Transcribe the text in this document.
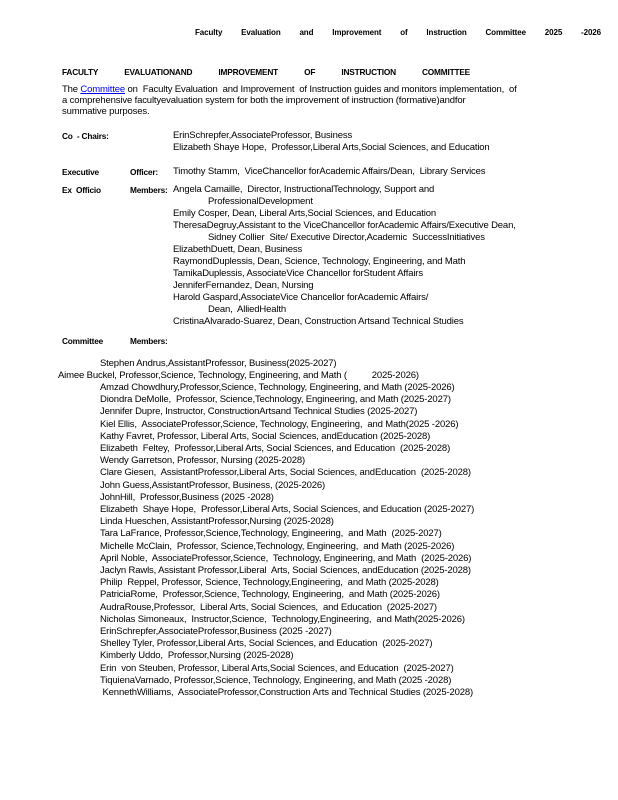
Faculty Evaluation and Improvement of Instruction Committee 2025 -2026
FACULTY EVALUATIONAND IMPROVEMENT OF INSTRUCTION COMMITTEE
The Committee on  Faculty Evaluation  and Improvement  of Instruction guides and monitors implementation,  of
a comprehensive facultyevaluation system for both the improvement of instruction (formative)andfor
summative purposes.
Co  - Chairs:	ErinSchrepfer,AssociateProfessor, Business
Elizabeth Shaye Hope,  Professor,Liberal Arts,Social Sciences, and Education
Executive	Officer:	Timothy Stamm,  ViceChancellor forAcademic Affairs/Dean,  Library Services
Ex  Officio	Members: Angela Camaille,  Director, InstructionalTechnology, Support and
ProfessionalDevelopment
Emily Cosper, Dean, Liberal Arts,Social Sciences, and Education
TheresaDegruy,Assistant to the ViceChancellor forAcademic Affairs/Executive Dean,
Sidney Collier  Site/ Executive Director,Academic  SuccessInitiatives
ElizabethDuett, Dean, Business
RaymondDuplessis, Dean, Science, Technology, Engineering, and Math
TamikaDuplessis, AssociateVice Chancellor forStudent Affairs
JenniferFernandez, Dean, Nursing
Harold Gaspard,AssociateVice Chancellor forAcademic Affairs/
Dean,  AlliedHealth
CristinaAlvarado-Suarez, Dean, Construction Artsand Technical Studies
Committee	Members:
Stephen Andrus,AssistantProfessor, Business(2025-2027)
Aimee Buckel, Professor,Science, Technology, Engineering, and Math (          2025-2026)
Amzad Chowdhury,Professor,Science, Technology, Engineering, and Math (2025-2026)
Diondra DeMolle,  Professor, Science,Technology, Engineering, and Math (2025-2027)
Jennifer Dupre, Instructor, ConstructionArtsand Technical Studies (2025-2027)
Kiel Ellis,  AssociateProfessor,Science, Technology, Engineering,  and Math(2025 -2026)
Kathy Favret, Professor, Liberal Arts, Social Sciences, andEducation (2025-2028)
Elizabeth  Feltey,  Professor,Liberal Arts, Social Sciences, and Education  (2025-2028)
Wendy Garretson, Professor, Nursing (2025-2028)
Clare Giesen,  AssistantProfessor,Liberal Arts, Social Sciences, andEducation  (2025-2028)
John Guess,AssistantProfessor, Business, (2025-2026)
JohnHill,  Professor,Business (2025 -2028)
Elizabeth  Shaye Hope,  Professor,Liberal Arts, Social Sciences, and Education (2025-2027)
Linda Hueschen, AssistantProfessor,Nursing (2025-2028)
Tara LaFrance, Professor,Science,Technology, Engineering,  and Math  (2025-2027)
Michelle McClain,  Professor, Science,Technology, Engineering,  and Math (2025-2026)
April Noble,  AssociateProfessor,Science,  Technology, Engineering, and Math  (2025-2026)
Jaclyn Rawls, Assistant Professor,Liberal  Arts, Social Sciences, andEducation (2025-2028)
Philip  Reppel, Professor, Science, Technology,Engineering,  and Math (2025-2028)
PatriciaRome,  Professor,Science, Technology, Engineering,  and Math (2025-2026)
AudraRouse,Professor,  Liberal Arts, Social Sciences,  and Education  (2025-2027)
Nicholas Simoneaux,  Instructor,Science,  Technology,Engineering,  and Math(2025-2026)
ErinSchrepfer,AssociateProfessor,Business (2025 -2027)
Shelley Tyler, Professor,Liberal Arts, Social Sciences, and Education  (2025-2027)
Kimberly Uddo,  Professor,Nursing (2025-2028)
Erin  von Steuben, Professor, Liberal Arts,Social Sciences, and Education  (2025-2027)
TiquienaVarnado, Professor,Science, Technology, Engineering, and Math (2025 -2028)
KennethWilliams,  AssociateProfessor,Construction Arts and Technical Studies (2025-2028)
